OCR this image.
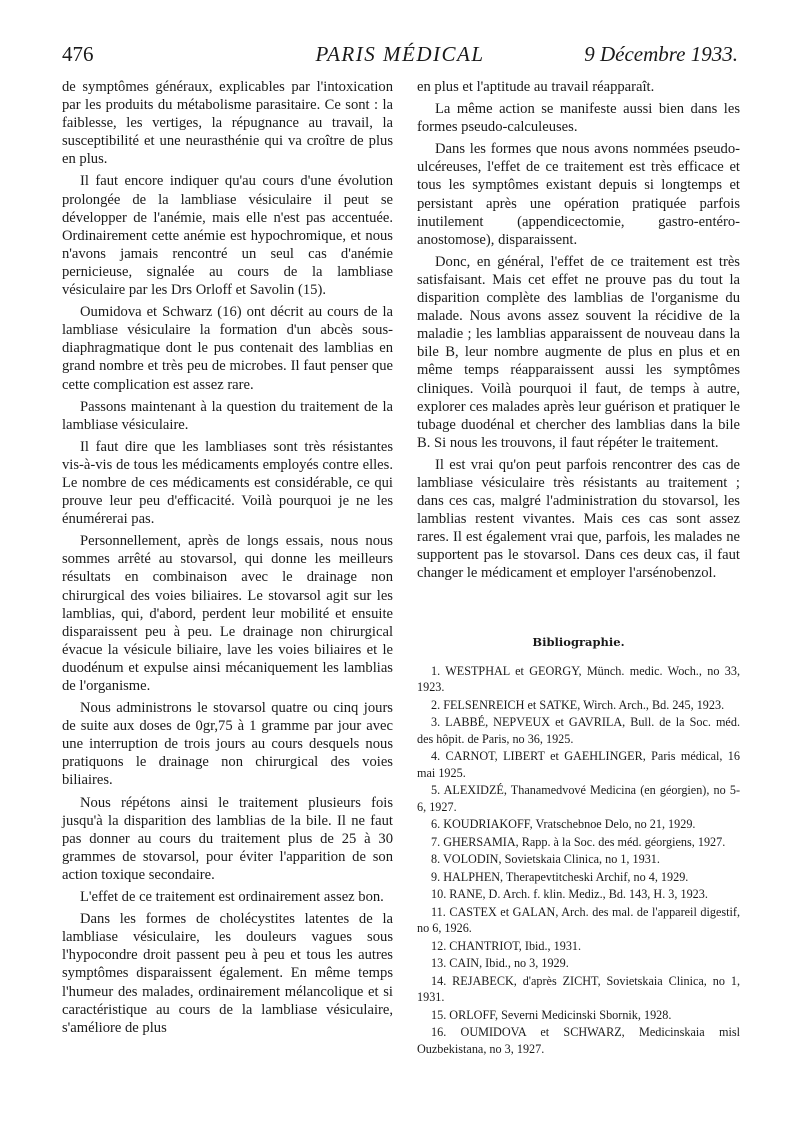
476	PARIS MÉDICAL	9 Décembre 1933.

de symptômes généraux, explicables par l'intoxication par les produits du métabolisme parasitaire. Ce sont : la faiblesse, les vertiges, la répugnance au travail, la susceptibilité et une neurasthénie qui va croître de plus en plus.

Il faut encore indiquer qu'au cours d'une évolution prolongée de la lambliase vésiculaire il peut se développer de l'anémie, mais elle n'est pas accentuée. Ordinairement cette anémie est hypochromique, et nous n'avons jamais rencontré un seul cas d'anémie pernicieuse, signalée au cours de la lambliase vésiculaire par les Drs Orloff et Savolin (15).

Oumidova et Schwarz (16) ont décrit au cours de la lambliase vésiculaire la formation d'un abcès sous-diaphragmatique dont le pus contenait des lamblias en grand nombre et très peu de microbes. Il faut penser que cette complication est assez rare.

Passons maintenant à la question du traitement de la lambliase vésiculaire.

Il faut dire que les lambliases sont très résistantes vis-à-vis de tous les médicaments employés contre elles. Le nombre de ces médicaments est considérable, ce qui prouve leur peu d'efficacité. Voilà pourquoi je ne les énumérerai pas.

Personnellement, après de longs essais, nous nous sommes arrêté au stovarsol, qui donne les meilleurs résultats en combinaison avec le drainage non chirurgical des voies biliaires. Le stovarsol agit sur les lamblias, qui, d'abord, perdent leur mobilité et ensuite disparaissent peu à peu. Le drainage non chirurgical évacue la vésicule biliaire, lave les voies biliaires et le duodénum et expulse ainsi mécaniquement les lamblias de l'organisme.

Nous administrons le stovarsol quatre ou cinq jours de suite aux doses de 0gr,75 à 1 gramme par jour avec une interruption de trois jours au cours desquels nous pratiquons le drainage non chirurgical des voies biliaires.

Nous répétons ainsi le traitement plusieurs fois jusqu'à la disparition des lamblias de la bile. Il ne faut pas donner au cours du traitement plus de 25 à 30 grammes de stovarsol, pour éviter l'apparition de son action toxique secondaire.

L'effet de ce traitement est ordinairement assez bon.

Dans les formes de cholécystites latentes de la lambliase vésiculaire, les douleurs vagues sous l'hypocondre droit passent peu à peu et tous les autres symptômes disparaissent également. En même temps l'humeur des malades, ordinairement mélancolique et si caractéristique au cours de la lambliase vésiculaire, s'améliore de plus

en plus et l'aptitude au travail réapparaît.

La même action se manifeste aussi bien dans les formes pseudo-calculeuses.

Dans les formes que nous avons nommées pseudo-ulcéreuses, l'effet de ce traitement est très efficace et tous les symptômes existant depuis si longtemps et persistant après une opération pratiquée parfois inutilement (appendicectomie, gastro-entéro-anostomose), disparaissent.

Donc, en général, l'effet de ce traitement est très satisfaisant. Mais cet effet ne prouve pas du tout la disparition complète des lamblias de l'organisme du malade. Nous avons assez souvent la récidive de la maladie ; les lamblias apparaissent de nouveau dans la bile B, leur nombre augmente de plus en plus et en même temps réapparaissent aussi les symptômes cliniques. Voilà pourquoi il faut, de temps à autre, explorer ces malades après leur guérison et pratiquer le tubage duodénal et chercher des lamblias dans la bile B. Si nous les trouvons, il faut répéter le traitement.

Il est vrai qu'on peut parfois rencontrer des cas de lambliase vésiculaire très résistants au traitement ; dans ces cas, malgré l'administration du stovarsol, les lamblias restent vivantes. Mais ces cas sont assez rares. Il est également vrai que, parfois, les malades ne supportent pas le stovarsol. Dans ces deux cas, il faut changer le médicament et employer l'arsénobenzol.

Bibliographie.
1. WESTPHAL et GEORGY, Münch. medic. Woch., no 33, 1923.
2. FELSENREICH et SATKE, Wirch. Arch., Bd. 245, 1923.
3. LABBÉ, NEPVEUX et GAVRILA, Bull. de la Soc. méd. des hôpit. de Paris, no 36, 1925.
4. CARNOT, LIBERT et GAEHLINGER, Paris médical, 16 mai 1925.
5. ALEXIDZÉ, Thanamedvové Medicina (en géorgien), no 5-6, 1927.
6. KOUDRIAKOFF, Vratschebnoe Delo, no 21, 1929.
7. GHERSAMIA, Rapp. à la Soc. des méd. géorgiens, 1927.
8. VOLODIN, Sovietskaia Clinica, no 1, 1931.
9. HALPHEN, Therapevtitcheski Archif, no 4, 1929.
10. RANE, D. Arch. f. klin. Mediz., Bd. 143, H. 3, 1923.
11. CASTEX et GALAN, Arch. des mal. de l'appareil digestif, no 6, 1926.
12. CHANTRIOT, Ibid., 1931.
13. CAIN, Ibid., no 3, 1929.
14. REJABECK, d'après ZICHT, Sovietskaia Clinica, no 1, 1931.
15. ORLOFF, Severni Medicinski Sbornik, 1928.
16. OUMIDOVA et SCHWARZ, Medicinskaia misl Ouzbekistana, no 3, 1927.
